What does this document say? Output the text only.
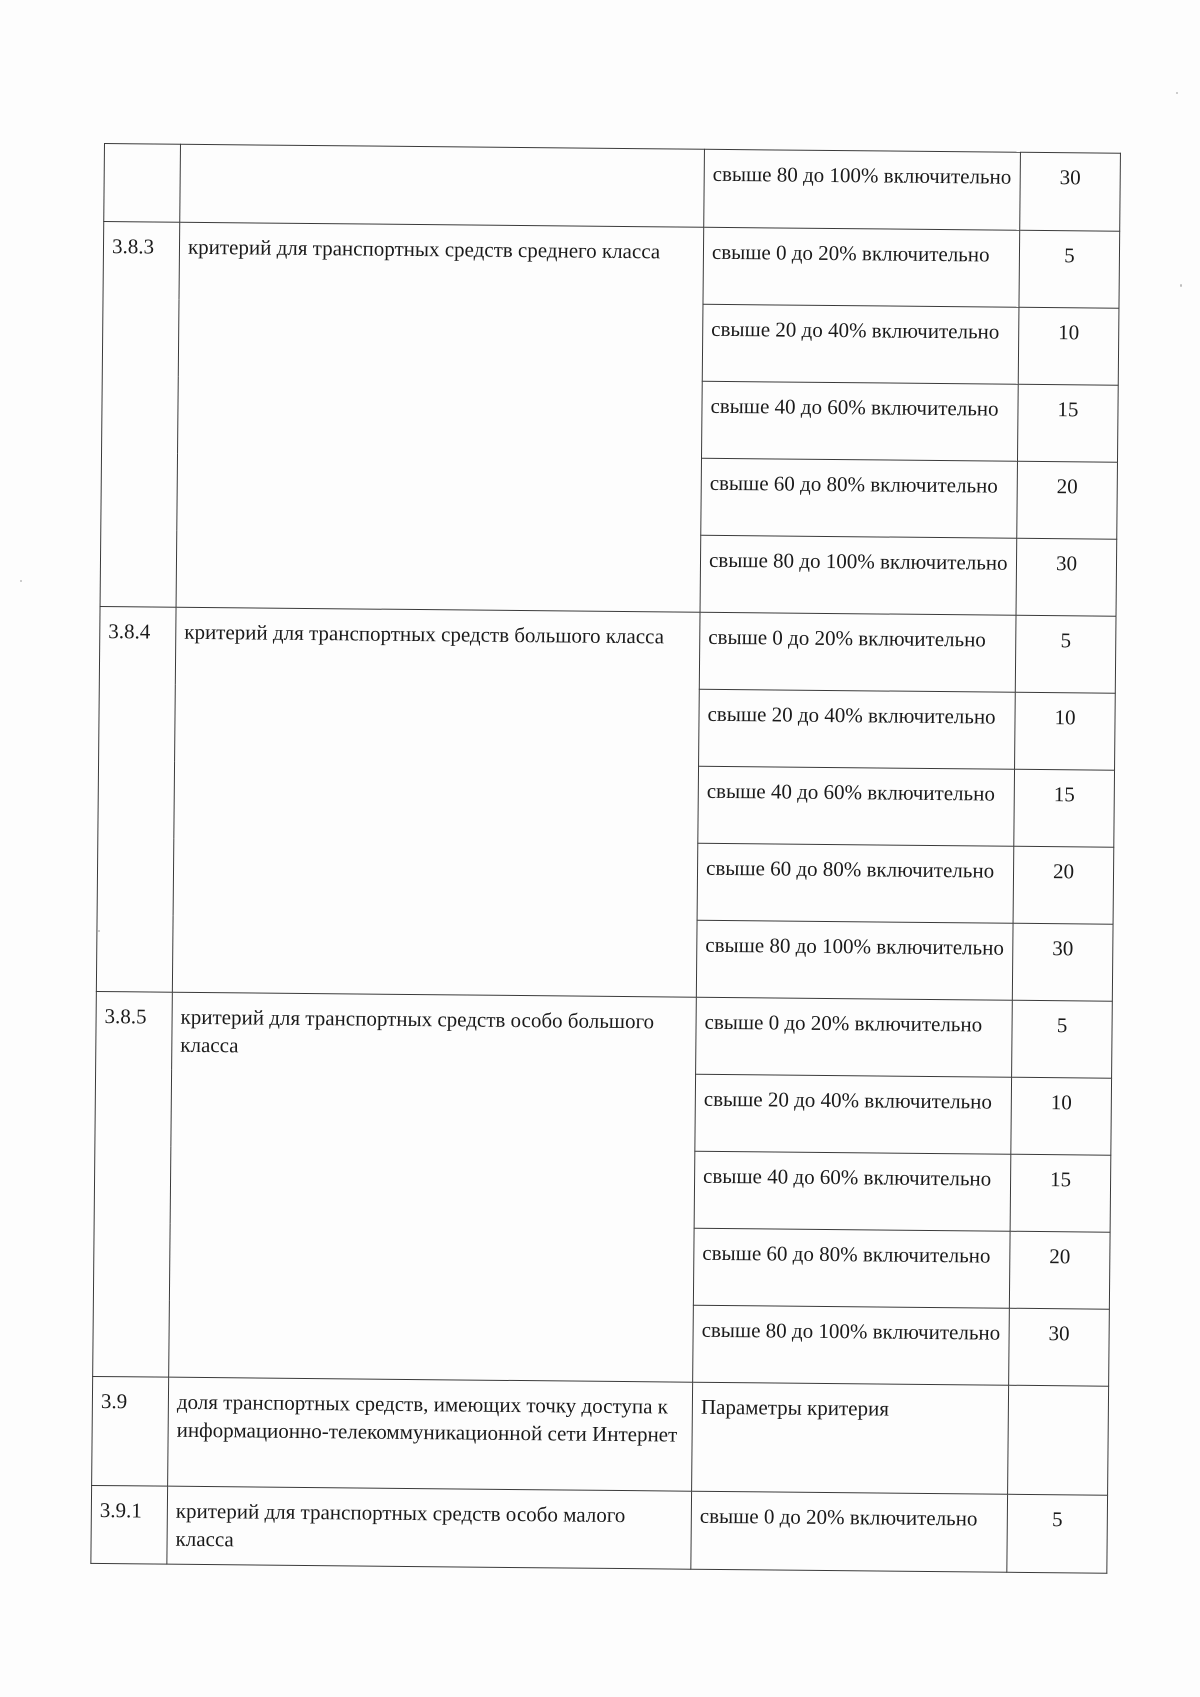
		свыше 80 до 100% включительно	30
3.8.3	критерий для транспортных средств среднего класса	свыше 0 до 20% включительно	5
		свыше 20 до 40% включительно	10
		свыше 40 до 60% включительно	15
		свыше 60 до 80% включительно	20
		свыше 80 до 100% включительно	30
3.8.4	критерий для транспортных средств большого класса	свыше 0 до 20% включительно	5
		свыше 20 до 40% включительно	10
		свыше 40 до 60% включительно	15
		свыше 60 до 80% включительно	20
		свыше 80 до 100% включительно	30
3.8.5	критерий для транспортных средств особо большого класса	свыше 0 до 20% включительно	5
		свыше 20 до 40% включительно	10
		свыше 40 до 60% включительно	15
		свыше 60 до 80% включительно	20
		свыше 80 до 100% включительно	30
3.9	доля транспортных средств, имеющих точку доступа к информационно-телекоммуникационной сети Интернет	Параметры критерия	
3.9.1	критерий для транспортных средств особо малого класса	свыше 0 до 20% включительно	5
